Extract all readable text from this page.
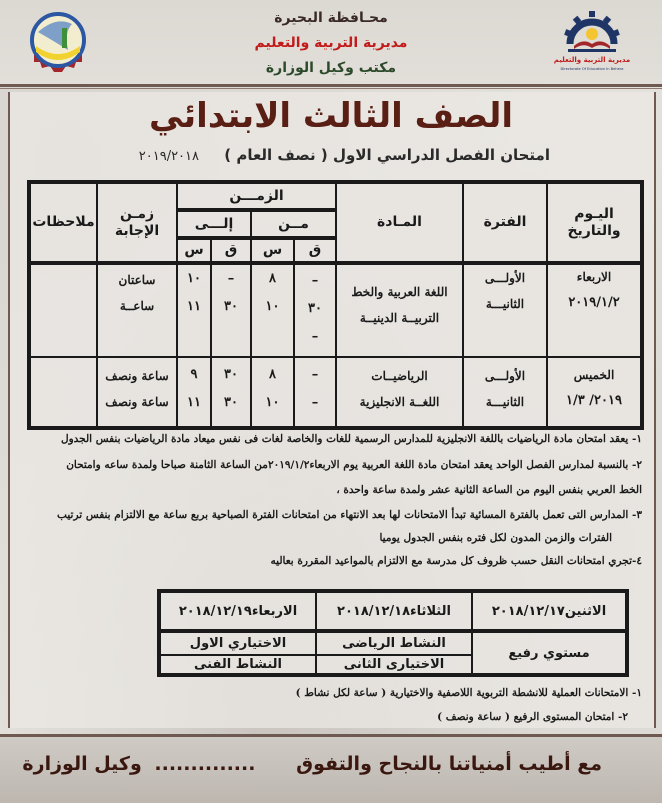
مديرية التربية والتعليم
Directorate Of Education In Behera
محـافظة البحيرة
مديرية التربية والتعليم
مكتب وكيل الوزارة
الصف الثالث الابتدائي
امتحان الفصل الدراسي الاول ( نصف العام ) ٢٠١٩/٢٠١٨
اليـوم
والتاريخ
الفترة
المـادة
الزمـــن
مــن
إلـــى
ق
س
ق
س
زمـن
الإجابة
ملاحظات
الاربعاء
٢٠١٩/١/٢
الأولـــى
الثانيـــة
اللغة العربية والخط
التربيــة الدينيــة
–
٣٠
–
٨
١٠
–
٣٠
١٠
١١
ساعتان
ساعــة
الخميس
٢٠١٩/ ١/٣
الأولـــى
الثانيـــة
الرياضيــات
اللغــة الانجليزية
–
–
٨
١٠
٣٠
٣٠
٩
١١
ساعة ونصف
ساعة ونصف
١- يعقد امتحان مادة الرياضيات باللغة الانجليزية للمدارس الرسمية للغات والخاصة لغات فى نفس ميعاد مادة الرياضيات بنفس الجدول
٢- بالنسبة لمدارس الفصل الواحد يعقد امتحان مادة اللغة العربية يوم الاربعاء٢٠١٩/١/٢من الساعة الثامنة صباحا ولمدة ساعه وامتحان
الخط العربي بنفس اليوم من الساعة الثانية عشر ولمدة ساعة واحدة ،
٣- المدارس التى تعمل بالفترة المسائية تبدأ الامتحانات لها بعد الانتهاء من امتحانات الفترة الصباحية بربع ساعة مع الالتزام بنفس ترتيب
الفترات والزمن المدون لكل فتره بنفس الجدول يوميا
٤-تجري امتحانات النقل حسب ظروف كل مدرسة مع الالتزام بالمواعيد المقررة بعاليه
الاثنين٢٠١٨/١٢/١٧
الثلاثاء٢٠١٨/١٢/١٨
الاربعاء٢٠١٨/١٢/١٩
مستوي رفيع
النشاط الرياضى
الاختيارى الثانى
الاختياري الاول
النشاط الفنى
١- الامتحانات العملية للانشطة التربوية اللاصفية والاختيارية ( ساعة لكل نشاط )
٢- امتحان المستوى الرفيع ( ساعة ونصف )
مع أطيب أمنياتنا بالنجاح والتفوق .............. وكيل الوزارة
